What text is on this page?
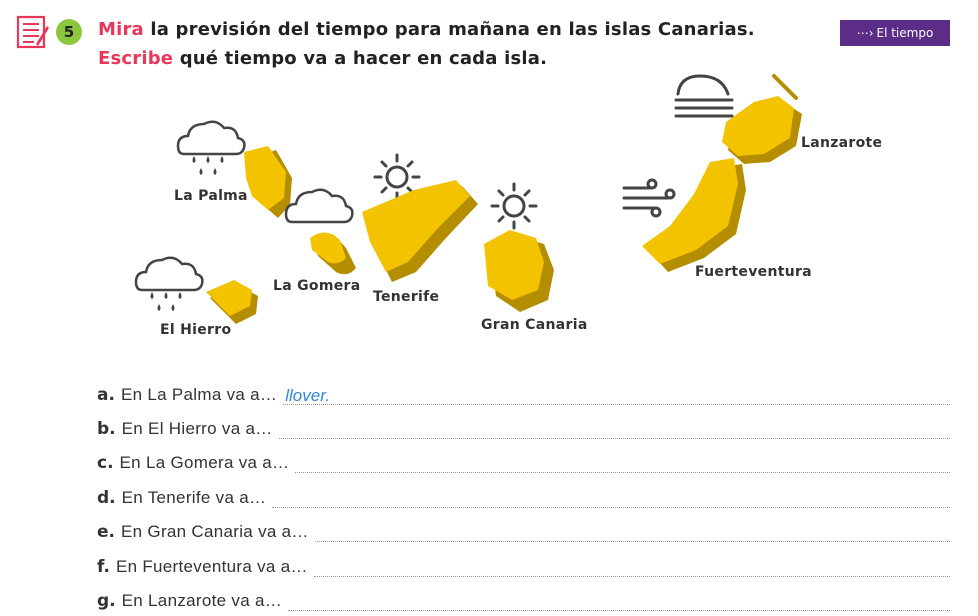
5	Mira la previsión del tiempo para mañana en las islas Canarias.
Escribe qué tiempo va a hacer en cada isla.
⋯› El tiempo
La Palma
El Hierro
La Gomera
Tenerife
Gran Canaria
Fuerteventura
Lanzarote
a. En La Palma va a… llover.
b. En El Hierro va a…
c. En La Gomera va a…
d. En Tenerife va a…
e. En Gran Canaria va a…
f. En Fuerteventura va a…
g. En Lanzarote va a…
